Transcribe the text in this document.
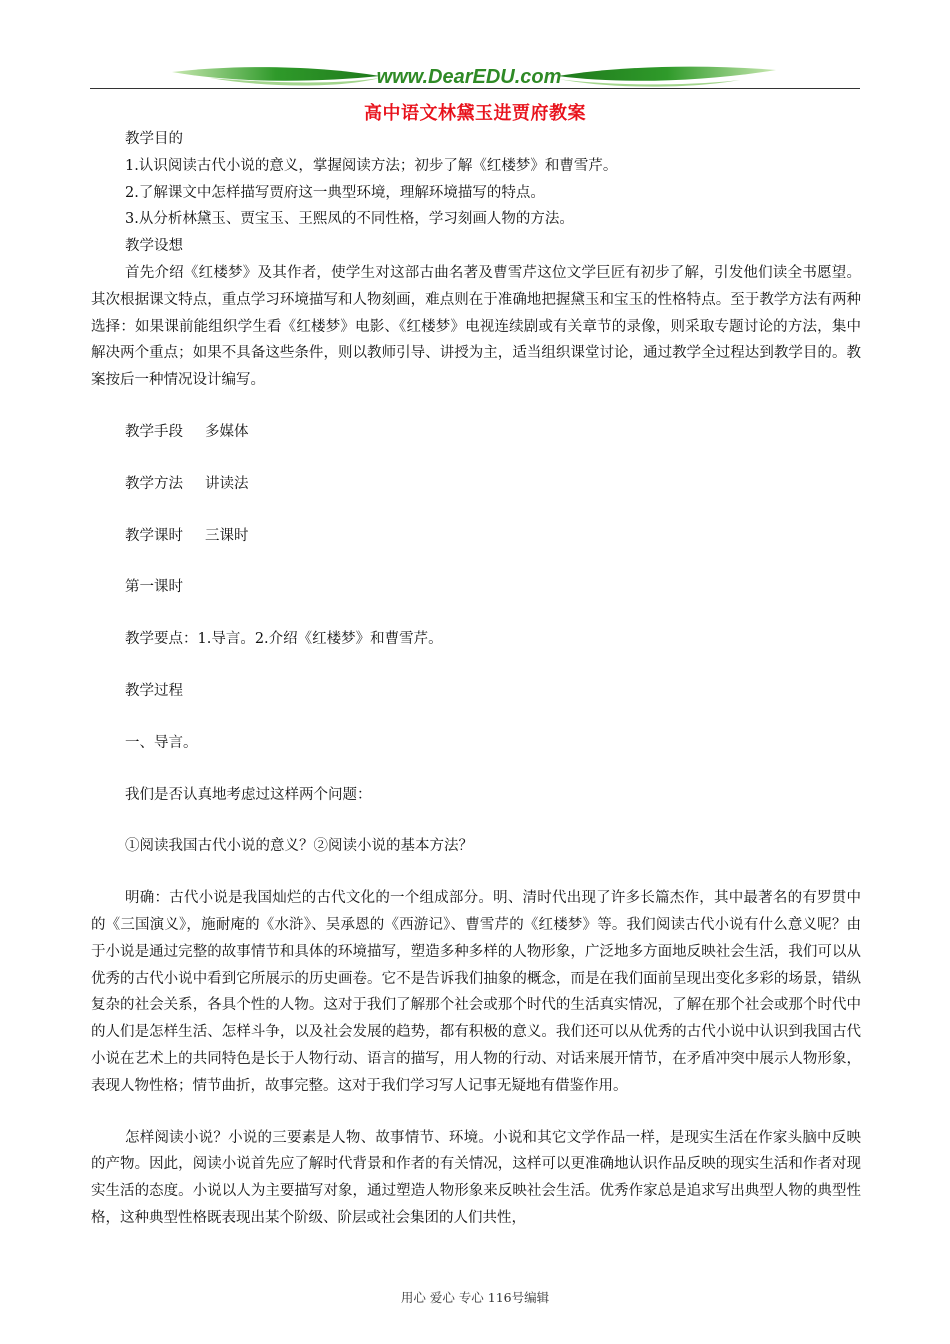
www.DearEDU.com
高中语文林黛玉进贾府教案

教学目的

1.认识阅读古代小说的意义，掌握阅读方法；初步了解《红楼梦》和曹雪芹。

2.了解课文中怎样描写贾府这一典型环境，理解环境描写的特点。

3.从分析林黛玉、贾宝玉、王熙凤的不同性格，学习刻画人物的方法。

教学设想

首先介绍《红楼梦》及其作者，使学生对这部古曲名著及曹雪芹这位文学巨匠有初步了解，引发他们读全书愿望。其次根据课文特点，重点学习环境描写和人物刻画，难点则在于准确地把握黛玉和宝玉的性格特点。至于教学方法有两种选择：如果课前能组织学生看《红楼梦》电影、《红楼梦》电视连续剧或有关章节的录像，则采取专题讨论的方法，集中解决两个重点；如果不具备这些条件，则以教师引导、讲授为主，适当组织课堂讨论，通过教学全过程达到教学目的。教案按后一种情况设计编写。

教学手段 多媒体

教学方法 讲读法

教学课时 三课时

第一课时

教学要点：1.导言。2.介绍《红楼梦》和曹雪芹。

教学过程

一、导言。

我们是否认真地考虑过这样两个问题：

①阅读我国古代小说的意义？②阅读小说的基本方法？

明确：古代小说是我国灿烂的古代文化的一个组成部分。明、清时代出现了许多长篇杰作，其中最著名的有罗贯中的《三国演义》，施耐庵的《水浒》、吴承恩的《西游记》、曹雪芹的《红楼梦》等。我们阅读古代小说有什么意义呢？由于小说是通过完整的故事情节和具体的环境描写，塑造多种多样的人物形象，广泛地多方面地反映社会生活，我们可以从优秀的古代小说中看到它所展示的历史画卷。它不是告诉我们抽象的概念，而是在我们面前呈现出变化多彩的场景，错纵复杂的社会关系，各具个性的人物。这对于我们了解那个社会或那个时代的生活真实情况，了解在那个社会或那个时代中的人们是怎样生活、怎样斗争，以及社会发展的趋势，都有积极的意义。我们还可以从优秀的古代小说中认识到我国古代小说在艺术上的共同特色是长于人物行动、语言的描写，用人物的行动、对话来展开情节，在矛盾冲突中展示人物形象，表现人物性格；情节曲折，故事完整。这对于我们学习写人记事无疑地有借鉴作用。

怎样阅读小说？小说的三要素是人物、故事情节、环境。小说和其它文学作品一样，是现实生活在作家头脑中反映的产物。因此，阅读小说首先应了解时代背景和作者的有关情况，这样可以更准确地认识作品反映的现实生活和作者对现实生活的态度。小说以人为主要描写对象，通过塑造人物形象来反映社会生活。优秀作家总是追求写出典型人物的典型性格，这种典型性格既表现出某个阶级、阶层或社会集团的人们共性，

用心 爱心 专心 116号编辑
